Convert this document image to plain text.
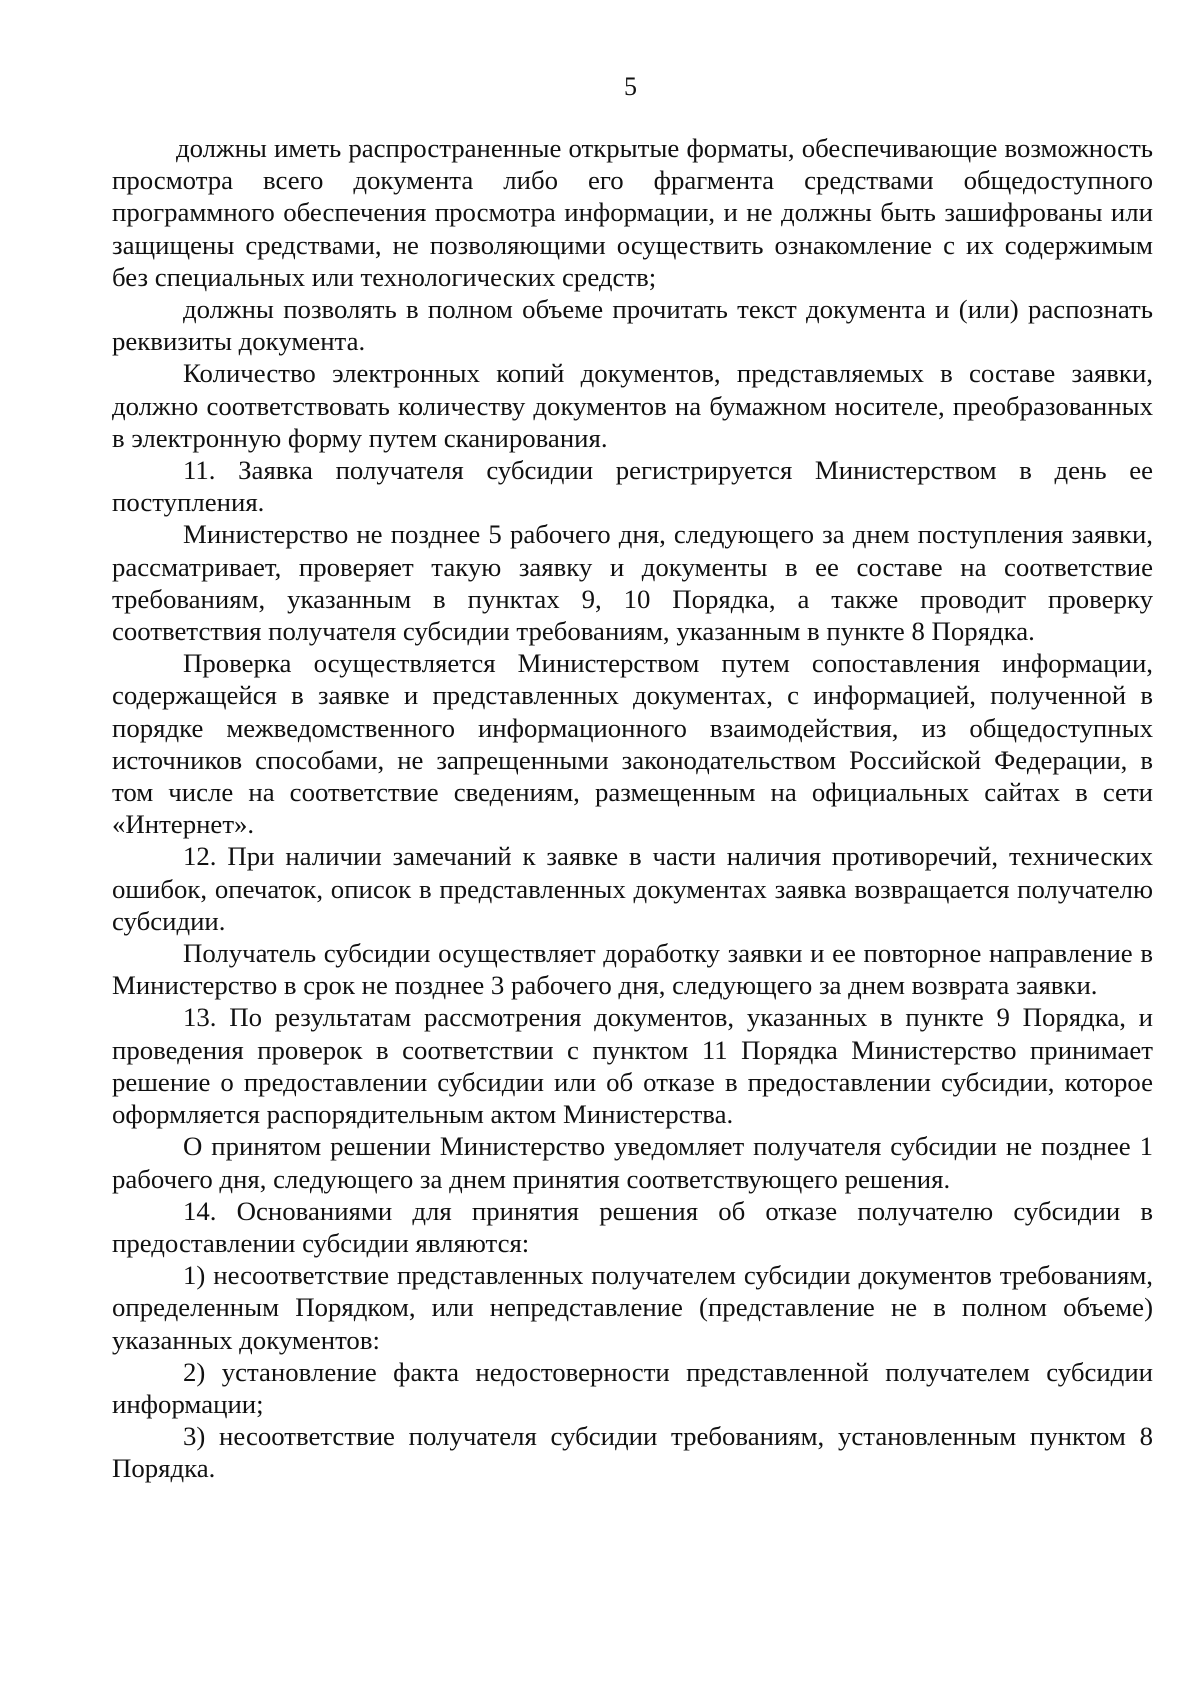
5

должны иметь распространенные открытые форматы, обеспечивающие возможность просмотра всего документа либо его фрагмента средствами общедоступного программного обеспечения просмотра информации, и не должны быть зашифрованы или защищены средствами, не позволяющими осуществить ознакомление с их содержимым без специальных или технологических средств;

должны позволять в полном объеме прочитать текст документа и (или) распознать реквизиты документа.

Количество электронных копий документов, представляемых в составе заявки, должно соответствовать количеству документов на бумажном носителе, преобразованных в электронную форму путем сканирования.

11. Заявка получателя субсидии регистрируется Министерством в день ее поступления.

Министерство не позднее 5 рабочего дня, следующего за днем поступления заявки, рассматривает, проверяет такую заявку и документы в ее составе на соответствие требованиям, указанным в пунктах 9, 10 Порядка, а также проводит проверку соответствия получателя субсидии требованиям, указанным в пункте 8 Порядка.

Проверка осуществляется Министерством путем сопоставления информации, содержащейся в заявке и представленных документах, с информацией, полученной в порядке межведомственного информационного взаимодействия, из общедоступных источников способами, не запрещенными законодательством Российской Федерации, в том числе на соответствие сведениям, размещенным на официальных сайтах в сети «Интернет».

12. При наличии замечаний к заявке в части наличия противоречий, технических ошибок, опечаток, описок в представленных документах заявка возвращается получателю субсидии.

Получатель субсидии осуществляет доработку заявки и ее повторное направление в Министерство в срок не позднее 3 рабочего дня, следующего за днем возврата заявки.

13. По результатам рассмотрения документов, указанных в пункте 9 Порядка, и проведения проверок в соответствии с пунктом 11 Порядка Министерство принимает решение о предоставлении субсидии или об отказе в предоставлении субсидии, которое оформляется распорядительным актом Министерства.

О принятом решении Министерство уведомляет получателя субсидии не позднее 1 рабочего дня, следующего за днем принятия соответствующего решения.

14. Основаниями для принятия решения об отказе получателю субсидии в предоставлении субсидии являются:

1) несоответствие представленных получателем субсидии документов требованиям, определенным Порядком, или непредставление (представление не в полном объеме) указанных документов:

2) установление факта недостоверности представленной получателем субсидии информации;

3) несоответствие получателя субсидии требованиям, установленным пунктом 8 Порядка.
